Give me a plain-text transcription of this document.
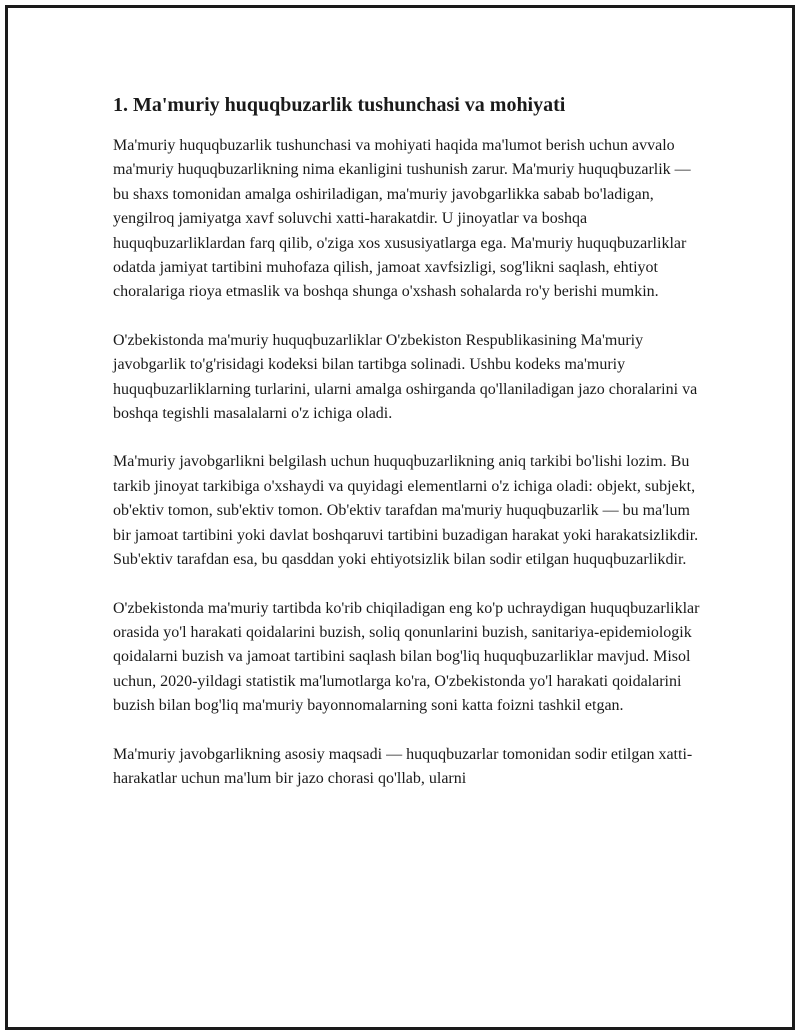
1. Ma'muriy huquqbuzarlik tushunchasi va mohiyati

Ma'muriy huquqbuzarlik tushunchasi va mohiyati haqida ma'lumot berish uchun avvalo ma'muriy huquqbuzarlikning nima ekanligini tushunish zarur. Ma'muriy huquqbuzarlik — bu shaxs tomonidan amalga oshiriladigan, ma'muriy javobgarlikka sabab bo'ladigan, yengilroq jamiyatga xavf soluvchi xatti-harakatdir. U jinoyatlar va boshqa huquqbuzarliklardan farq qilib, o'ziga xos xususiyatlarga ega. Ma'muriy huquqbuzarliklar odatda jamiyat tartibini muhofaza qilish, jamoat xavfsizligi, sog'likni saqlash, ehtiyot choralariga rioya etmaslik va boshqa shunga o'xshash sohalarda ro'y berishi mumkin.

O'zbekistonda ma'muriy huquqbuzarliklar O'zbekiston Respublikasining Ma'muriy javobgarlik to'g'risidagi kodeksi bilan tartibga solinadi. Ushbu kodeks ma'muriy huquqbuzarliklarning turlarini, ularni amalga oshirganda qo'llaniladigan jazo choralarini va boshqa tegishli masalalarni o'z ichiga oladi.

Ma'muriy javobgarlikni belgilash uchun huquqbuzarlikning aniq tarkibi bo'lishi lozim. Bu tarkib jinoyat tarkibiga o'xshaydi va quyidagi elementlarni o'z ichiga oladi: objekt, subjekt, ob'ektiv tomon, sub'ektiv tomon. Ob'ektiv tarafdan ma'muriy huquqbuzarlik — bu ma'lum bir jamoat tartibini yoki davlat boshqaruvi tartibini buzadigan harakat yoki harakatsizlikdir. Sub'ektiv tarafdan esa, bu qasddan yoki ehtiyotsizlik bilan sodir etilgan huquqbuzarlikdir.

O'zbekistonda ma'muriy tartibda ko'rib chiqiladigan eng ko'p uchraydigan huquqbuzarliklar orasida yo'l harakati qoidalarini buzish, soliq qonunlarini buzish, sanitariya-epidemiologik qoidalarni buzish va jamoat tartibini saqlash bilan bog'liq huquqbuzarliklar mavjud. Misol uchun, 2020-yildagi statistik ma'lumotlarga ko'ra, O'zbekistonda yo'l harakati qoidalarini buzish bilan bog'liq ma'muriy bayonnomalarning soni katta foizni tashkil etgan.

Ma'muriy javobgarlikning asosiy maqsadi — huquqbuzarlar tomonidan sodir etilgan xatti-harakatlar uchun ma'lum bir jazo chorasi qo'llab, ularni
